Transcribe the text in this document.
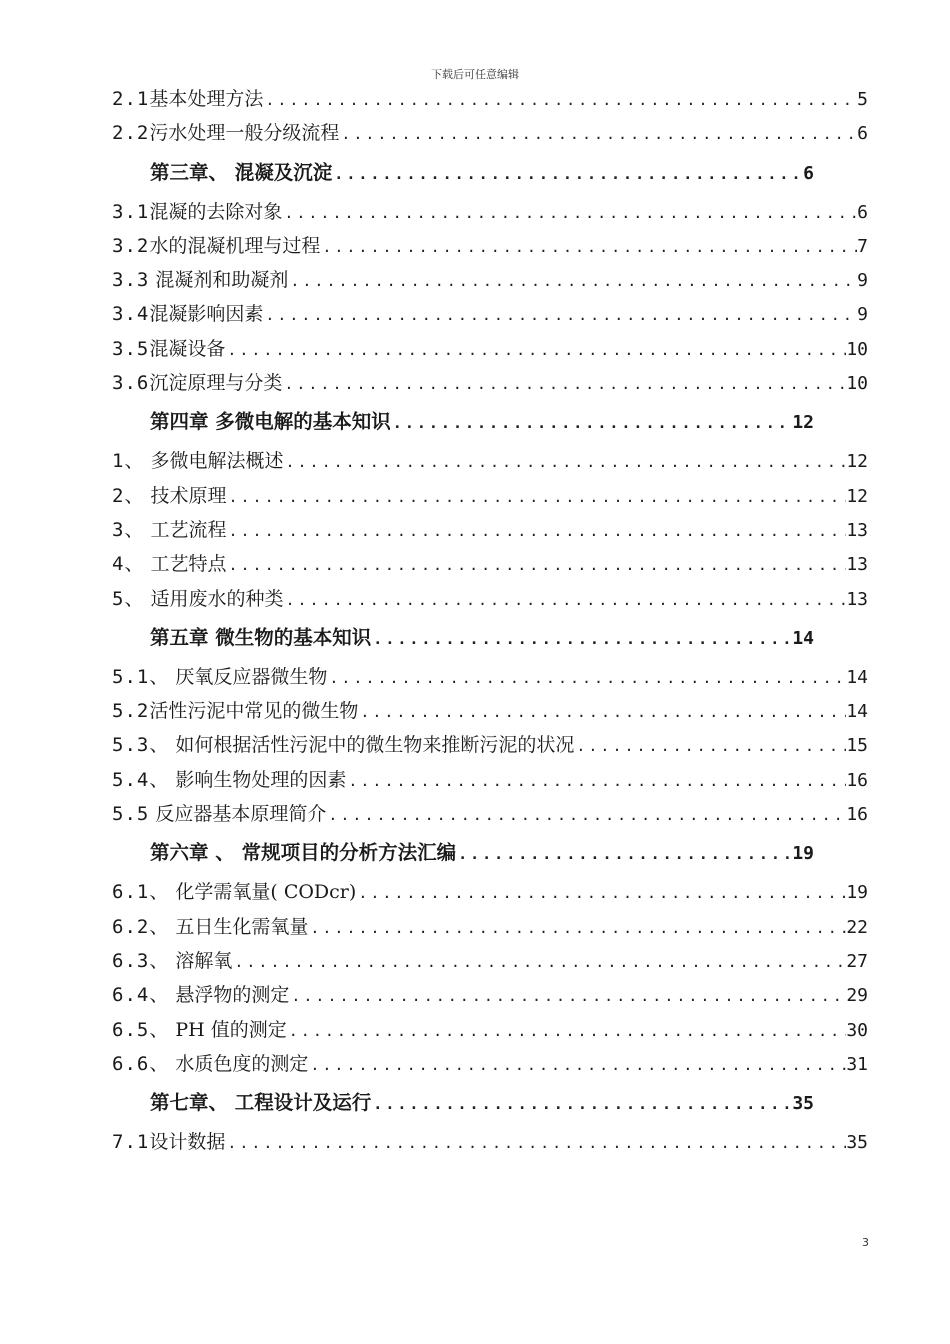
下载后可任意编辑
2.1基本处理方法 .....	5
2.2污水处理一般分级流程 .....	6
第三章、 混凝及沉淀 .....	6
3.1混凝的去除对象 .....	6
3.2水的混凝机理与过程 .....	7
3.3 混凝剂和助凝剂 .....	9
3.4混凝影响因素 .....	9
3.5混凝设备 .....	10
3.6沉淀原理与分类 .....	10
第四章 多微电解的基本知识 .....	12
1、 多微电解法概述 .....	12
2、 技术原理 .....	12
3、 工艺流程 .....	13
4、 工艺特点 .....	13
5、 适用废水的种类 .....	13
第五章 微生物的基本知识 .....	14
5.1、 厌氧反应器微生物 .....	14
5.2活性污泥中常见的微生物 .....	14
5.3、 如何根据活性污泥中的微生物来推断污泥的状况 .....	15
5.4、 影响生物处理的因素 .....	16
5.5 反应器基本原理简介 .....	16
第六章 、 常规项目的分析方法汇编 .....	19
6.1、 化学需氧量( CODcr) .....	19
6.2、 五日生化需氧量 .....	22
6.3、 溶解氧 .....	27
6.4、 悬浮物的测定 .....	29
6.5、 PH 值的测定 .....	30
6.6、 水质色度的测定 .....	31
第七章、 工程设计及运行 .....	35
7.1设计数据 .....	35
3
